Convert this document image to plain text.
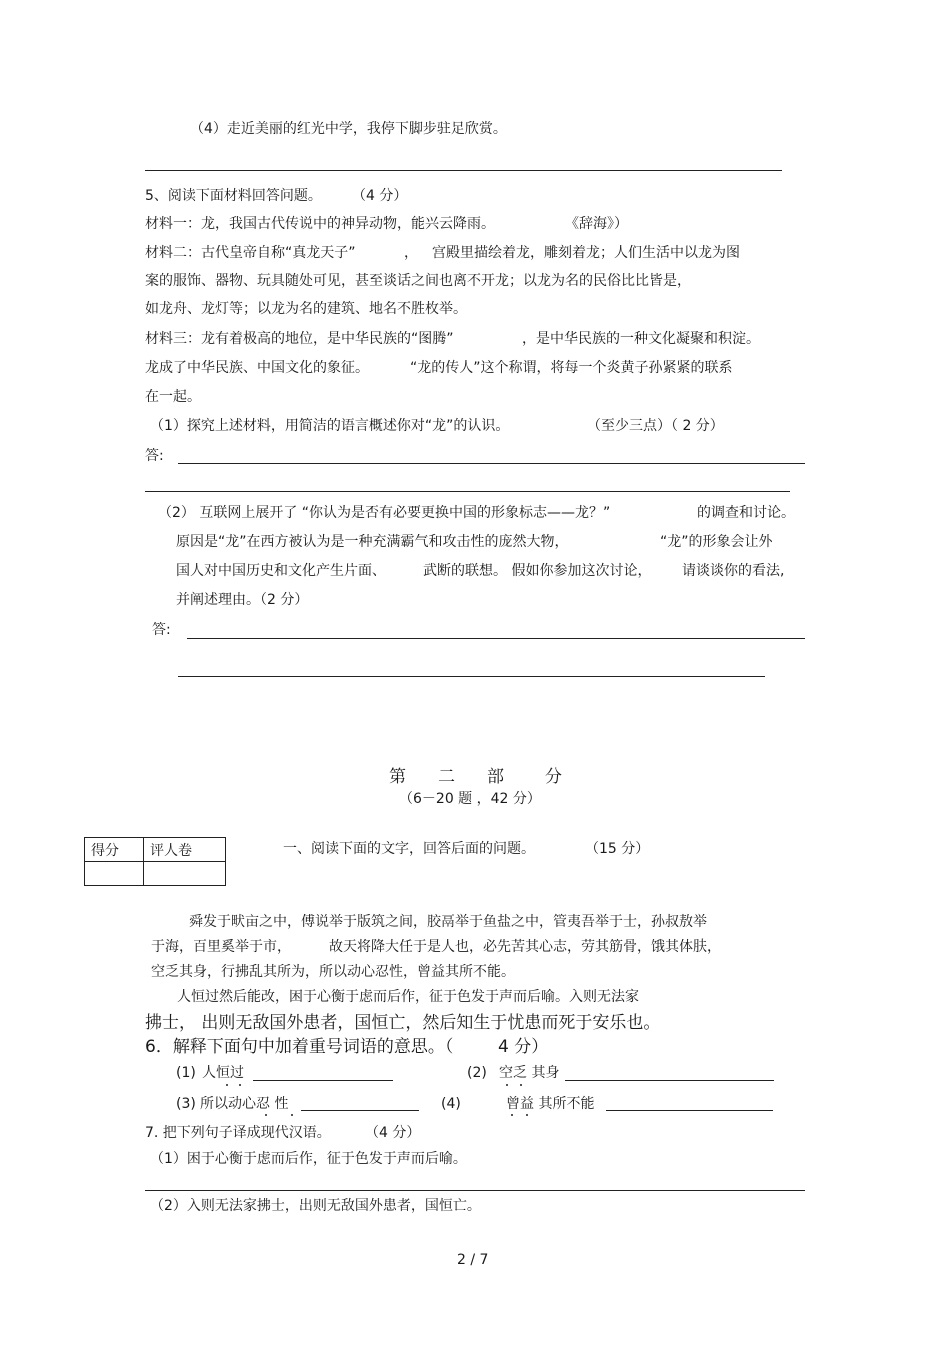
（4）走近美丽的红光中学，我停下脚步驻足欣赏。
5、阅读下面材料回答问题。 （4 分）
材料一：龙，我国古代传说中的神异动物，能兴云降雨。	《辞海》）
材料二：古代皇帝自称“真龙天子”	， 宫殿里描绘着龙，雕刻着龙；人们生活中以龙为图
案的服饰、器物、玩具随处可见，甚至谈话之间也离不开龙；以龙为名的民俗比比皆是，
如龙舟、龙灯等；以龙为名的建筑、地名不胜枚举。
材料三：龙有着极高的地位，是中华民族的“图腾”	，是中华民族的一种文化凝聚和积淀。
龙成了中华民族、中国文化的象征。	“龙的传人”这个称谓，将每一个炎黄子孙紧紧的联系
在一起。
（1）探究上述材料，用简洁的语言概述你对“龙”的认识。	（至少三点）（ 2 分）
答:
（2） 互联网上展开了 “你认为是否有必要更换中国的形象标志——龙？”	的调查和讨论。
原因是“龙”在西方被认为是一种充满霸气和攻击性的庞然大物，	“龙”的形象会让外
国人对中国历史和文化产生片面、	武断的联想。 假如你参加这次讨论， 请谈谈你的看法,
并阐述理由。（2 分）
答:
第 二 部 分
（6－20 题 ，42 分）
得分	评人卷
		一、阅读下面的文字，回答后面的问题。	（15 分）
舜发于畎亩之中，傅说举于版筑之间，胶鬲举于鱼盐之中，管夷吾举于士，孙叔敖举
于海，百里奚举于市，	故天将降大任于是人也，必先苦其心志，劳其筋骨，饿其体肤，
空乏其身，行拂乱其所为，所以动心忍性，曾益其所不能。
人恒过然后能改，困于心衡于虑而后作，征于色发于声而后喻。入则无法家
拂士， 出则无敌国外患者，国恒亡，然后知生于忧患而死于安乐也。
6．解释下面句中加着重号词语的意思。（	4 分）
(1) 人恒过	(2) 空乏 其身
(3) 所以动心忍 性	(4)	曾益 其所不能
7. 把下列句子译成现代汉语。 （4 分）
（1）困于心衡于虑而后作，征于色发于声而后喻。
（2）入则无法家拂士，出则无敌国外患者，国恒亡。
2 / 7
